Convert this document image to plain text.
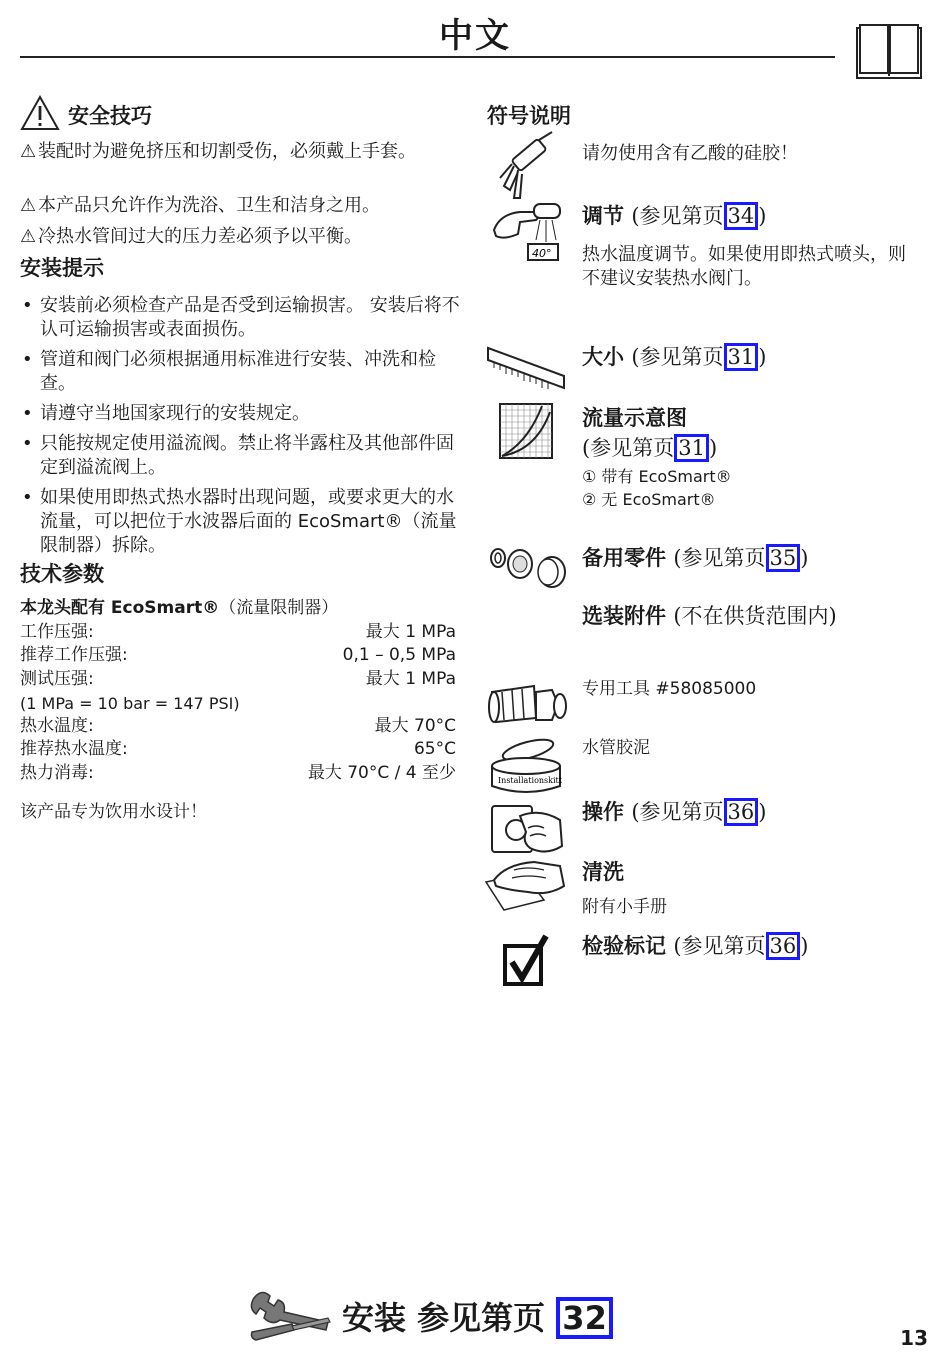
中文
安全技巧
⚠ 装配时为避免挤压和切割受伤，必须戴上手套。
⚠ 本产品只允许作为洗浴、卫生和洁身之用。
⚠ 冷热水管间过大的压力差必须予以平衡。
安装提示
• 安装前必须检查产品是否受到运输损害。 安装后将不认可运输损害或表面损伤。
• 管道和阀门必须根据通用标准进行安装、冲洗和检查。
• 请遵守当地国家现行的安装规定。
• 只能按规定使用溢流阀。禁止将半露柱及其他部件固定到溢流阀上。
• 如果使用即热式热水器时出现问题，或要求更大的水流量，可以把位于水波器后面的 EcoSmart®（流量限制器）拆除。
技术参数
本龙头配有 EcoSmart®（流量限制器）
工作压强:	最大 1 MPa
推荐工作压强:	0,1 – 0,5 MPa
测试压强:	最大 1 MPa
(1 MPa = 10 bar = 147 PSI)
热水温度:	最大 70°C
推荐热水温度:	65°C
热力消毒:	最大 70°C / 4 至少
该产品专为饮用水设计！
符号说明
请勿使用含有乙酸的硅胶！
40°
调节 (参见第页 34 )
热水温度调节。如果使用即热式喷头，则不建议安装热水阀门。
大小 (参见第页 31 )
流量示意图
(参见第页 31 )
① 带有 EcoSmart®
② 无 EcoSmart®
备用零件 (参见第页 35 )
选装附件 (不在供货范围内)
专用工具 #58085000
Installationskitt
水管胶泥
操作 (参见第页 36 )
清洗
附有小手册
检验标记 (参见第页 36 )
安装 参见第页 32
13
